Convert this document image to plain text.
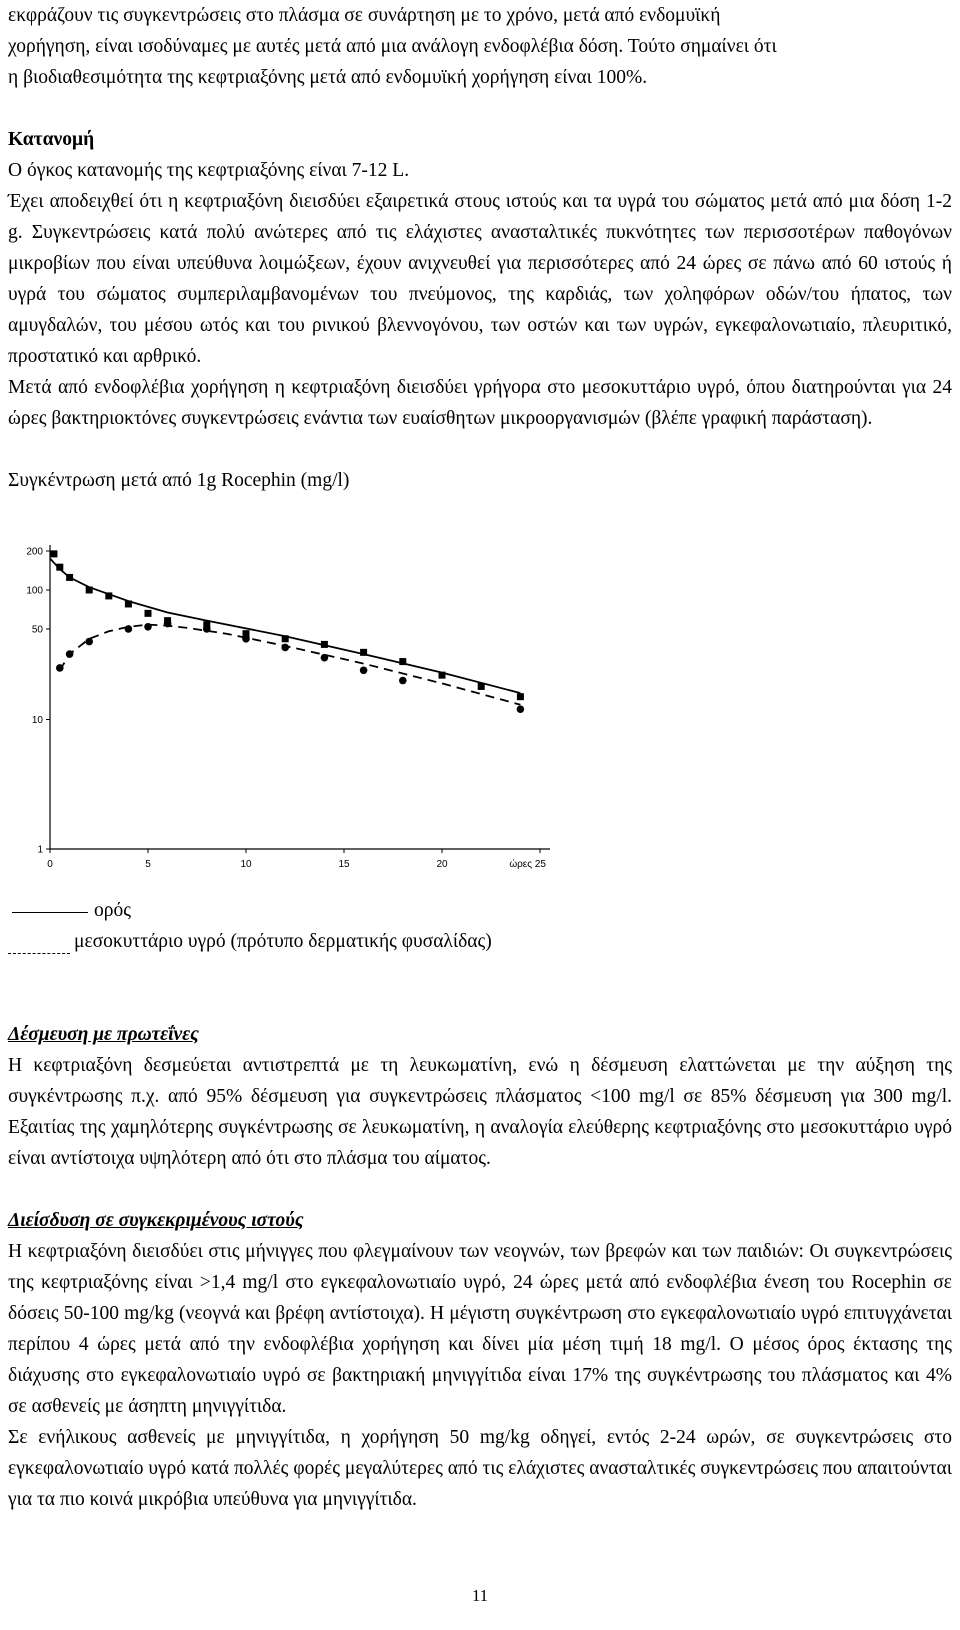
εκφράζουν τις συγκεντρώσεις στο πλάσμα σε συνάρτηση με το χρόνο, μετά από ενδομυϊκή

χορήγηση, είναι ισοδύναμες με αυτές μετά από μια ανάλογη ενδοφλέβια δόση. Τούτο σημαίνει ότι

η βιοδιαθεσιμότητα της κεφτριαξόνης μετά από ενδομυϊκή χορήγηση είναι 100%.

Κατανομή

Ο όγκος κατανομής της κεφτριαξόνης είναι 7-12 L.

Έχει αποδειχθεί ότι η κεφτριαξόνη διεισδύει εξαιρετικά στους ιστούς και τα υγρά του σώματος μετά από μια δόση 1-2 g. Συγκεντρώσεις κατά πολύ ανώτερες από τις ελάχιστες ανασταλτικές πυκνότητες των περισσοτέρων παθογόνων μικροβίων που είναι υπεύθυνα λοιμώξεων, έχουν ανιχνευθεί για περισσότερες από 24 ώρες σε πάνω από 60 ιστούς ή υγρά του σώματος συμπεριλαμβανομένων του πνεύμονος, της καρδιάς, των χοληφόρων οδών/του ήπατος, των αμυγδαλών, του μέσου ωτός και του ρινικού βλεννογόνου, των οστών και των υγρών, εγκεφαλονωτιαίο, πλευριτικό, προστατικό και αρθρικό.

Μετά από ενδοφλέβια χορήγηση η κεφτριαξόνη διεισδύει γρήγορα στο μεσοκυττάριο υγρό, όπου διατηρούνται για 24 ώρες βακτηριοκτόνες συγκεντρώσεις ενάντια των ευαίσθητων μικροοργανισμών (βλέπε γραφική παράσταση).

Συγκέντρωση μετά από 1g Rocephin (mg/l)

200
100
50
10
1
0	5	10	15	20	ώρες 25
ορός
μεσοκυττάριο υγρό (πρότυπο δερματικής φυσαλίδας)
Δέσμευση με πρωτεΐνες

Η κεφτριαξόνη δεσμεύεται αντιστρεπτά με τη λευκωματίνη, ενώ η δέσμευση ελαττώνεται με την αύξηση της συγκέντρωσης π.χ. από 95% δέσμευση για συγκεντρώσεις πλάσματος <100 mg/l σε 85% δέσμευση για 300 mg/l. Εξαιτίας της χαμηλότερης συγκέντρωσης σε λευκωματίνη, η αναλογία ελεύθερης κεφτριαξόνης στο μεσοκυττάριο υγρό είναι αντίστοιχα υψηλότερη από ότι στο πλάσμα του αίματος.

Διείσδυση σε συγκεκριμένους ιστούς

Η κεφτριαξόνη διεισδύει στις μήνιγγες που φλεγμαίνουν των νεογνών, των βρεφών και των παιδιών: Οι συγκεντρώσεις της κεφτριαξόνης είναι >1,4 mg/l στο εγκεφαλονωτιαίο υγρό, 24 ώρες μετά από ενδοφλέβια ένεση του Rocephin σε δόσεις 50-100 mg/kg (νεογνά και βρέφη αντίστοιχα). Η μέγιστη συγκέντρωση στο εγκεφαλονωτιαίο υγρό επιτυγχάνεται περίπου 4 ώρες μετά από την ενδοφλέβια χορήγηση και δίνει μία μέση τιμή 18 mg/l. Ο μέσος όρος έκτασης της διάχυσης στο εγκεφαλονωτιαίο υγρό σε βακτηριακή μηνιγγίτιδα είναι 17% της συγκέντρωσης του πλάσματος και 4% σε ασθενείς με άσηπτη μηνιγγίτιδα.

Σε ενήλικους ασθενείς με μηνιγγίτιδα, η χορήγηση 50 mg/kg οδηγεί, εντός 2-24 ωρών, σε συγκεντρώσεις στο εγκεφαλονωτιαίο υγρό κατά πολλές φορές μεγαλύτερες από τις ελάχιστες ανασταλτικές συγκεντρώσεις που απαιτούνται για τα πιο κοινά μικρόβια υπεύθυνα για μηνιγγίτιδα.

11
